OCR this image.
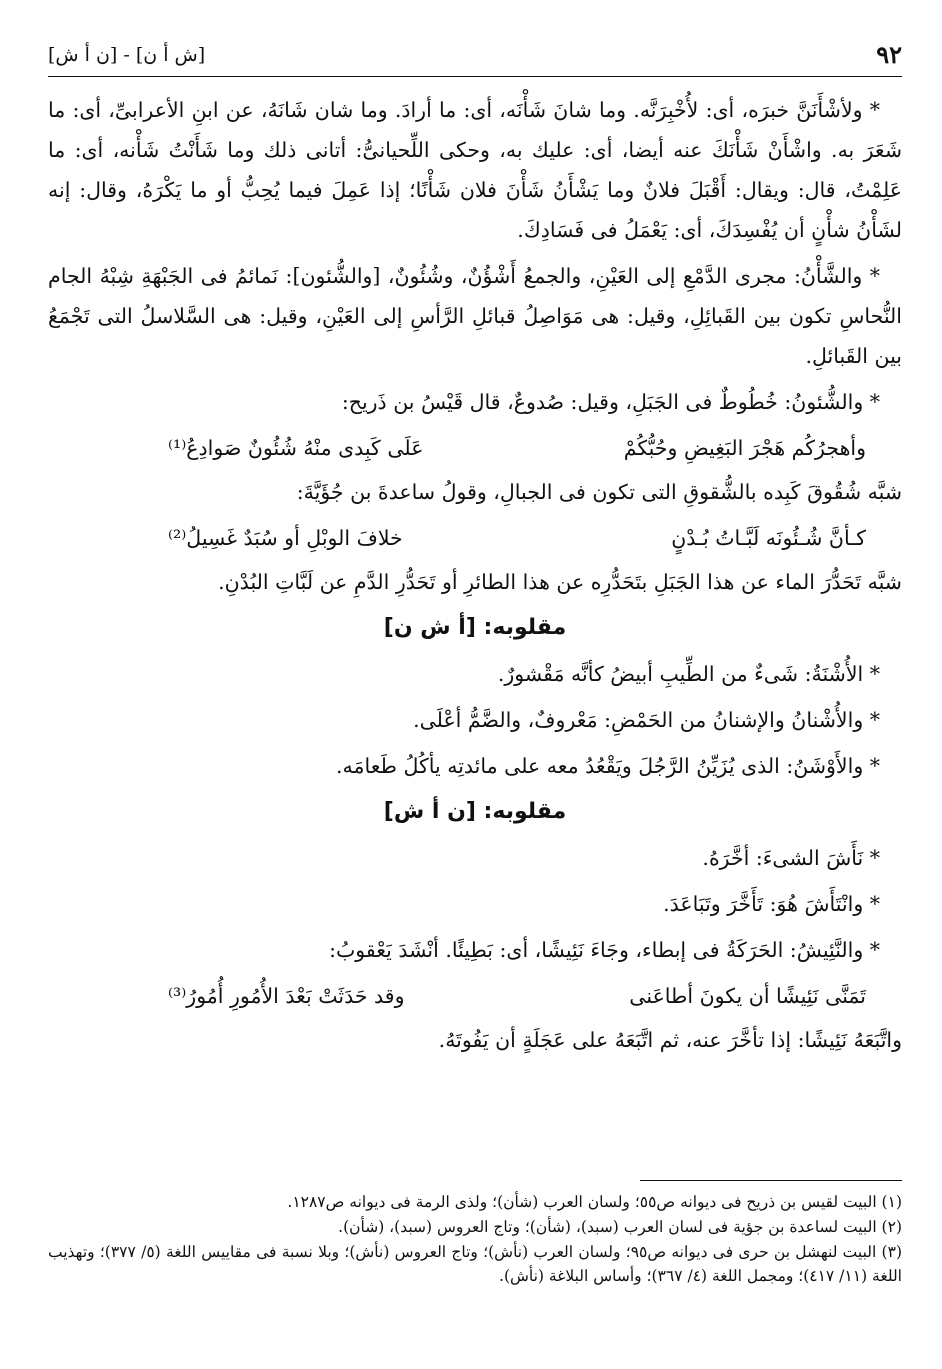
٩٢
[ش أ ن] - [ن أ ش]

* ولأشْأَنَنَّ خبرَه، أى: لأُخْبِرَنَّه. وما شانَ شَأْنَه، أى: ما أرادَ. وما شان شَانَهُ، عن ابنِ الأعرابىِّ، أى: ما شَعَرَ به. واشْأَنْ شَأْنَكَ عنه أيضا، أى: عليك به، وحكى اللِّحيانىُّ: أتانى ذلك وما شَأَنْتُ شَأْنه، أى: ما عَلِمْتُ، قال: ويقال: أَقْبَلَ فلانٌ وما يَشْأَنُ شَأْنَ فلان شَأْنًا؛ إذا عَمِلَ فيما يُحِبُّ أو ما يَكْرَهُ، وقال: إنه لشَأْنُ شأْنٍ أن يُفْسِدَكَ، أى: يَعْمَلُ فى فَسَادِكَ.

* والشَّأْنُ: مجرى الدَّمْعِ إلى العَيْنِ، والجمعُ أَشْؤُنٌ، وشُئُونٌ، [والشُّئون]: نَمائمُ فى الجَبْهَةِ شِبْهُ الجام النُّحاسِ تكون بين القَبائِلِ، وقيل: هى مَوَاصِلُ قبائلِ الرَّأسِ إلى العَيْنِ، وقيل: هى السَّلاسلُ التى تَجْمَعُ بين القَبائلِ.

* والشُّئونُ: خُطُوطٌ فى الجَبَلِ، وقيل: صُدوعٌ، قال قَيْسُ بن ذَريح:

وأهجرُكُم هَجْرَ البَغِيضِ وحُبُّكُمْ
عَلَى كَبِدى منْهُ شُئُونٌ صَوادِعُ⁽¹⁾

شبَّه شُقُوقَ كَبِده بالشُّقوقِ التى تكون فى الجبالِ، وقولُ ساعدةَ بن جُؤَيَّةَ:

كـأنَّ شُـئُونَه لَبَّـاتُ بُـدْنٍ
خلافَ الوبْلِ أو سُبَدٌ غَسِيلُ⁽²⁾

شبَّه تَحَدُّرَ الماء عن هذا الجَبَلِ بتَحَدُّرِه عن هذا الطائرِ أو تَحَدُّرِ الدَّمِ عن لَبَّاتِ البُدْنِ.

مقلوبه: [أ ش ن]

* الأُشْنَةُ: شَىءٌ من الطِّيبِ أبيضُ كأنَّه مَقْشورٌ.

* والأُشْنانُ والإشنانُ من الحَمْضِ: مَعْروفٌ، والضَّمُّ أعْلَى.

* والأَوْشَنُ: الذى يُزَيِّنُ الرَّجُلَ ويَقْعُدُ معه على مائدتِه يأكُلُ طَعامَه.

مقلوبه: [ن أ ش]

* نَأَشَ الشىءَ: أخَّرَهُ.

* وانْتَأَشَ هُوَ: تَأَخَّرَ وتَبَاعَدَ.

* والنَّئِيشُ: الحَرَكَةُ فى إبطاء، وجَاءَ نَئِيشًا، أى: بَطِيئًا. أنْشَدَ يَعْقوبُ:

تَمَنَّى نَئِيشًا أن يكونَ أطاعَنى
وقد حَدَثَتْ بَعْدَ الأُمُورِ أُمُورُ⁽³⁾

واتَّبَعَهُ نَئِيشًا: إذا تأخَّرَ عنه، ثم اتَّبَعَهُ على عَجَلَةٍ أن يَفُوتَهُ.

(١) البيت لقيس بن ذريح فى ديوانه ص٥٥؛ ولسان العرب (شأن)؛ ولذى الرمة فى ديوانه ص١٢٨٧.

(٢) البيت لساعدة بن جؤية فى لسان العرب (سبد)، (شأن)؛ وتاج العروس (سبد)، (شأن).

(٣) البيت لنهشل بن حرى فى ديوانه ص٩٥؛ ولسان العرب (نأش)؛ وتاج العروس (نأش)؛ وبلا نسبة فى مقاييس اللغة (٥/ ٣٧٧)؛ وتهذيب اللغة (١١/ ٤١٧)؛ ومجمل اللغة (٤/ ٣٦٧)؛ وأساس البلاغة (نأش).
